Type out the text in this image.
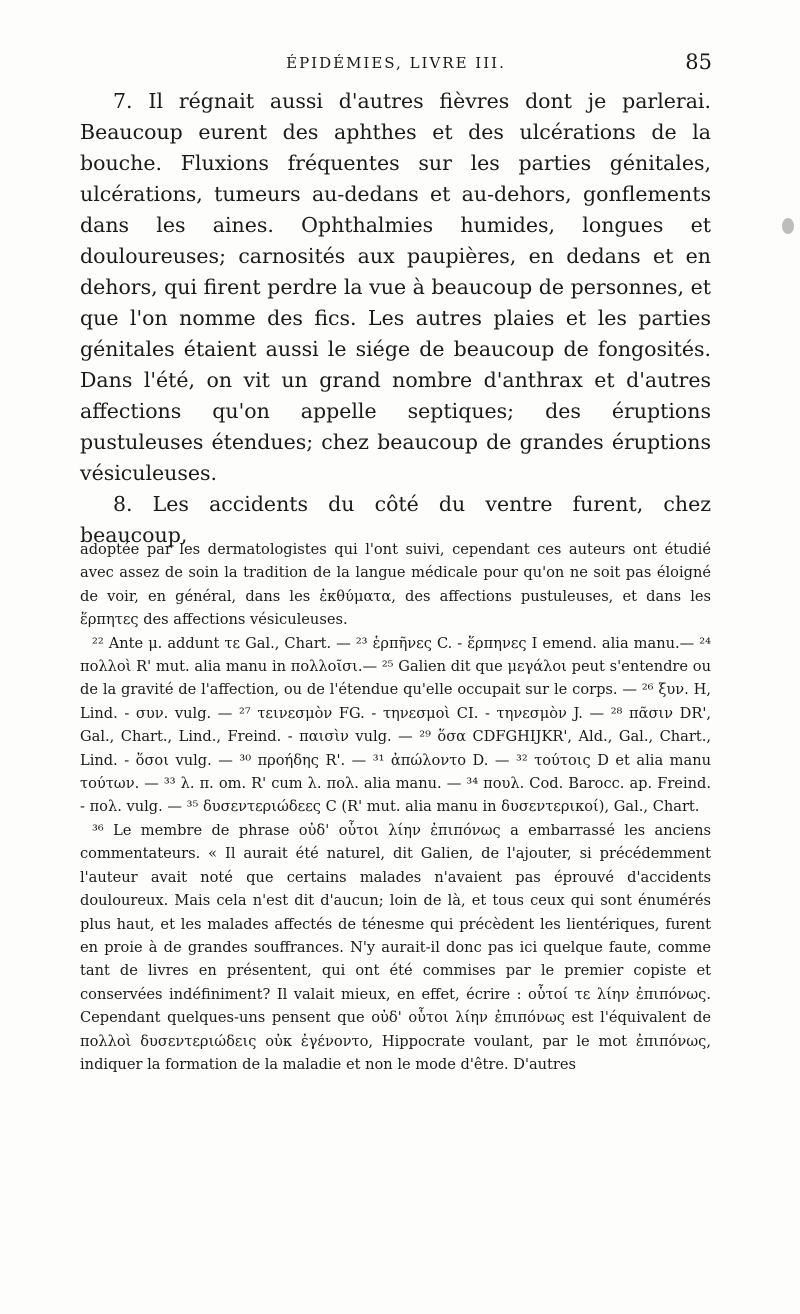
ÉPIDÉMIES, LIVRE III.	85

7. Il régnait aussi d'autres fièvres dont je parlerai. Beaucoup eurent des aphthes et des ulcérations de la bouche. Fluxions fréquentes sur les parties génitales, ulcérations, tumeurs au-dedans et au-dehors, gonflements dans les aines. Ophthalmies humides, longues et douloureuses; carnosités aux paupières, en dedans et en dehors, qui firent perdre la vue à beaucoup de personnes, et que l'on nomme des fics. Les autres plaies et les parties génitales étaient aussi le siége de beaucoup de fongosités. Dans l'été, on vit un grand nombre d'anthrax et d'autres affections qu'on appelle septiques; des éruptions pustuleuses étendues; chez beaucoup de grandes éruptions vésiculeuses.

8. Les accidents du côté du ventre furent, chez beaucoup,

adoptée par les dermatologistes qui l'ont suivi, cependant ces auteurs ont étudié avec assez de soin la tradition de la langue médicale pour qu'on ne soit pas éloigné de voir, en général, dans les ἐκθύματα, des affections pustuleuses, et dans les ἕρπητες des affections vésiculeuses.

²² Ante μ. addunt τε Gal., Chart. — ²³ ἑρπῆνες C. - ἕρπηνες I emend. alia manu.— ²⁴ πολλοὶ R' mut. alia manu in πολλοῖσι.— ²⁵ Galien dit que μεγάλοι peut s'entendre ou de la gravité de l'affection, ou de l'étendue qu'elle occupait sur le corps. — ²⁶ ξυν. H, Lind. - συν. vulg. — ²⁷ τεινεσμὸν FG. - τηνεσμοὶ CI. - τηνεσμὸν J. — ²⁸ πᾶσιν DR', Gal., Chart., Lind., Freind. - παισὶν vulg. — ²⁹ ὅσα CDFGHIJKR', Ald., Gal., Chart., Lind. - ὅσοι vulg. — ³⁰ προήδης R'. — ³¹ ἀπώλοντο D. — ³² τούτοις D et alia manu τούτων. — ³³ λ. π. om. R' cum λ. πολ. alia manu. — ³⁴ πουλ. Cod. Barocc. ap. Freind. - πολ. vulg. — ³⁵ δυσεντεριώδεες C (R' mut. alia manu in δυσεντερικοί), Gal., Chart.

³⁶ Le membre de phrase οὐδ' οὗτοι λίην ἐπιπόνως a embarrassé les anciens commentateurs. « Il aurait été naturel, dit Galien, de l'ajouter, si précédemment l'auteur avait noté que certains malades n'avaient pas éprouvé d'accidents douloureux. Mais cela n'est dit d'aucun; loin de là, et tous ceux qui sont énumérés plus haut, et les malades affectés de ténesme qui précèdent les lientériques, furent en proie à de grandes souffrances. N'y aurait-il donc pas ici quelque faute, comme tant de livres en présentent, qui ont été commises par le premier copiste et conservées indéfiniment? Il valait mieux, en effet, écrire : οὗτοί τε λίην ἐπιπόνως. Cependant quelques-uns pensent que οὐδ' οὗτοι λίην ἐπιπόνως est l'équivalent de πολλοὶ δυσεντεριώδεις οὐκ ἐγένοντο, Hippocrate voulant, par le mot ἐπιπόνως, indiquer la formation de la maladie et non le mode d'être. D'autres
